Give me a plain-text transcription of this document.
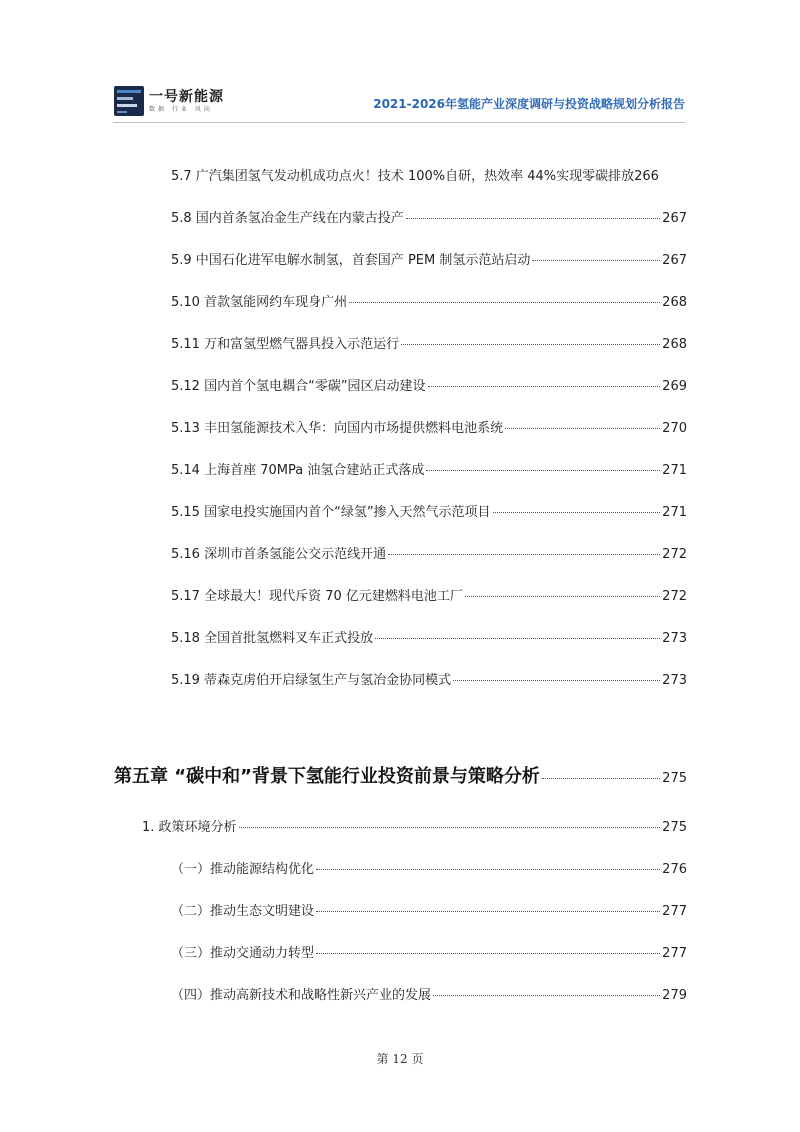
一号新能源
数据 行业 风向	2021-2026年氢能产业深度调研与投资战略规划分析报告
5.7 广汽集团氢气发动机成功点火！技术 100%自研，热效率 44%实现零碳排放 266
5.8 国内首条氢冶金生产线在内蒙古投产	267
5.9 中国石化进军电解水制氢，首套国产 PEM 制氢示范站启动	267
5.10 首款氢能网约车现身广州	268
5.11 万和富氢型燃气器具投入示范运行	268
5.12 国内首个氢电耦合“零碳”园区启动建设	269
5.13 丰田氢能源技术入华：向国内市场提供燃料电池系统	270
5.14 上海首座 70MPa 油氢合建站正式落成	271
5.15 国家电投实施国内首个“绿氢”掺入天然气示范项目	271
5.16 深圳市首条氢能公交示范线开通	272
5.17 全球最大！现代斥资 70 亿元建燃料电池工厂	272
5.18 全国首批氢燃料叉车正式投放	273
5.19 蒂森克虏伯开启绿氢生产与氢冶金协同模式	273
第五章 “碳中和”背景下氢能行业投资前景与策略分析	275
1. 政策环境分析	275
（一）推动能源结构优化	276
（二）推动生态文明建设	277
（三）推动交通动力转型	277
（四）推动高新技术和战略性新兴产业的发展	279
第 12 页
